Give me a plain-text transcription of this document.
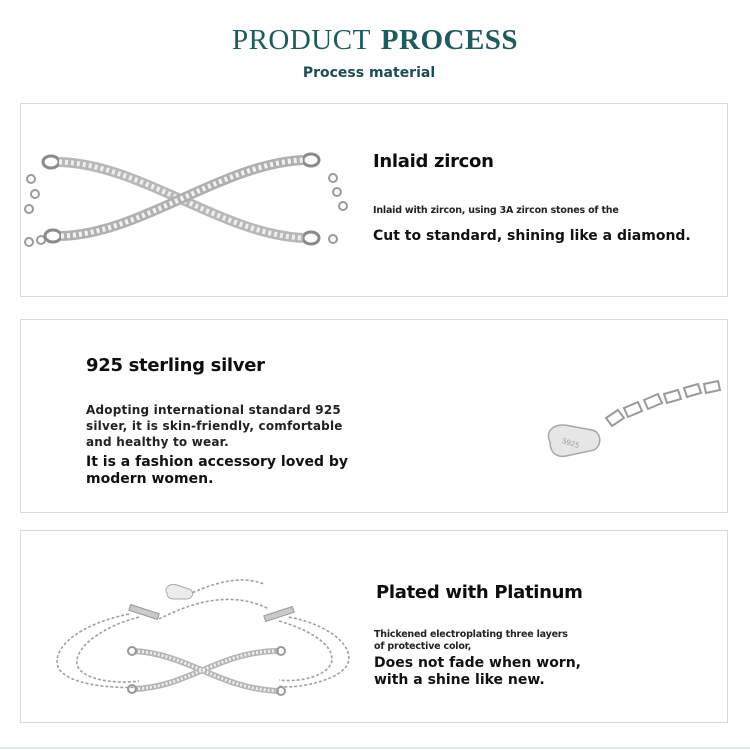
PRODUCT PROCESS
Process material
Inlaid zircon
Inlaid with zircon, using 3A zircon stones of the
Cut to standard, shining like a diamond.
925 sterling silver
Adopting international standard 925 silver, it is skin-friendly, comfortable and healthy to wear.
It is a fashion accessory loved by modern women.
S925
Plated with Platinum
Thickened electroplating three layers of protective color,
Does not fade when worn, with a shine like new.
